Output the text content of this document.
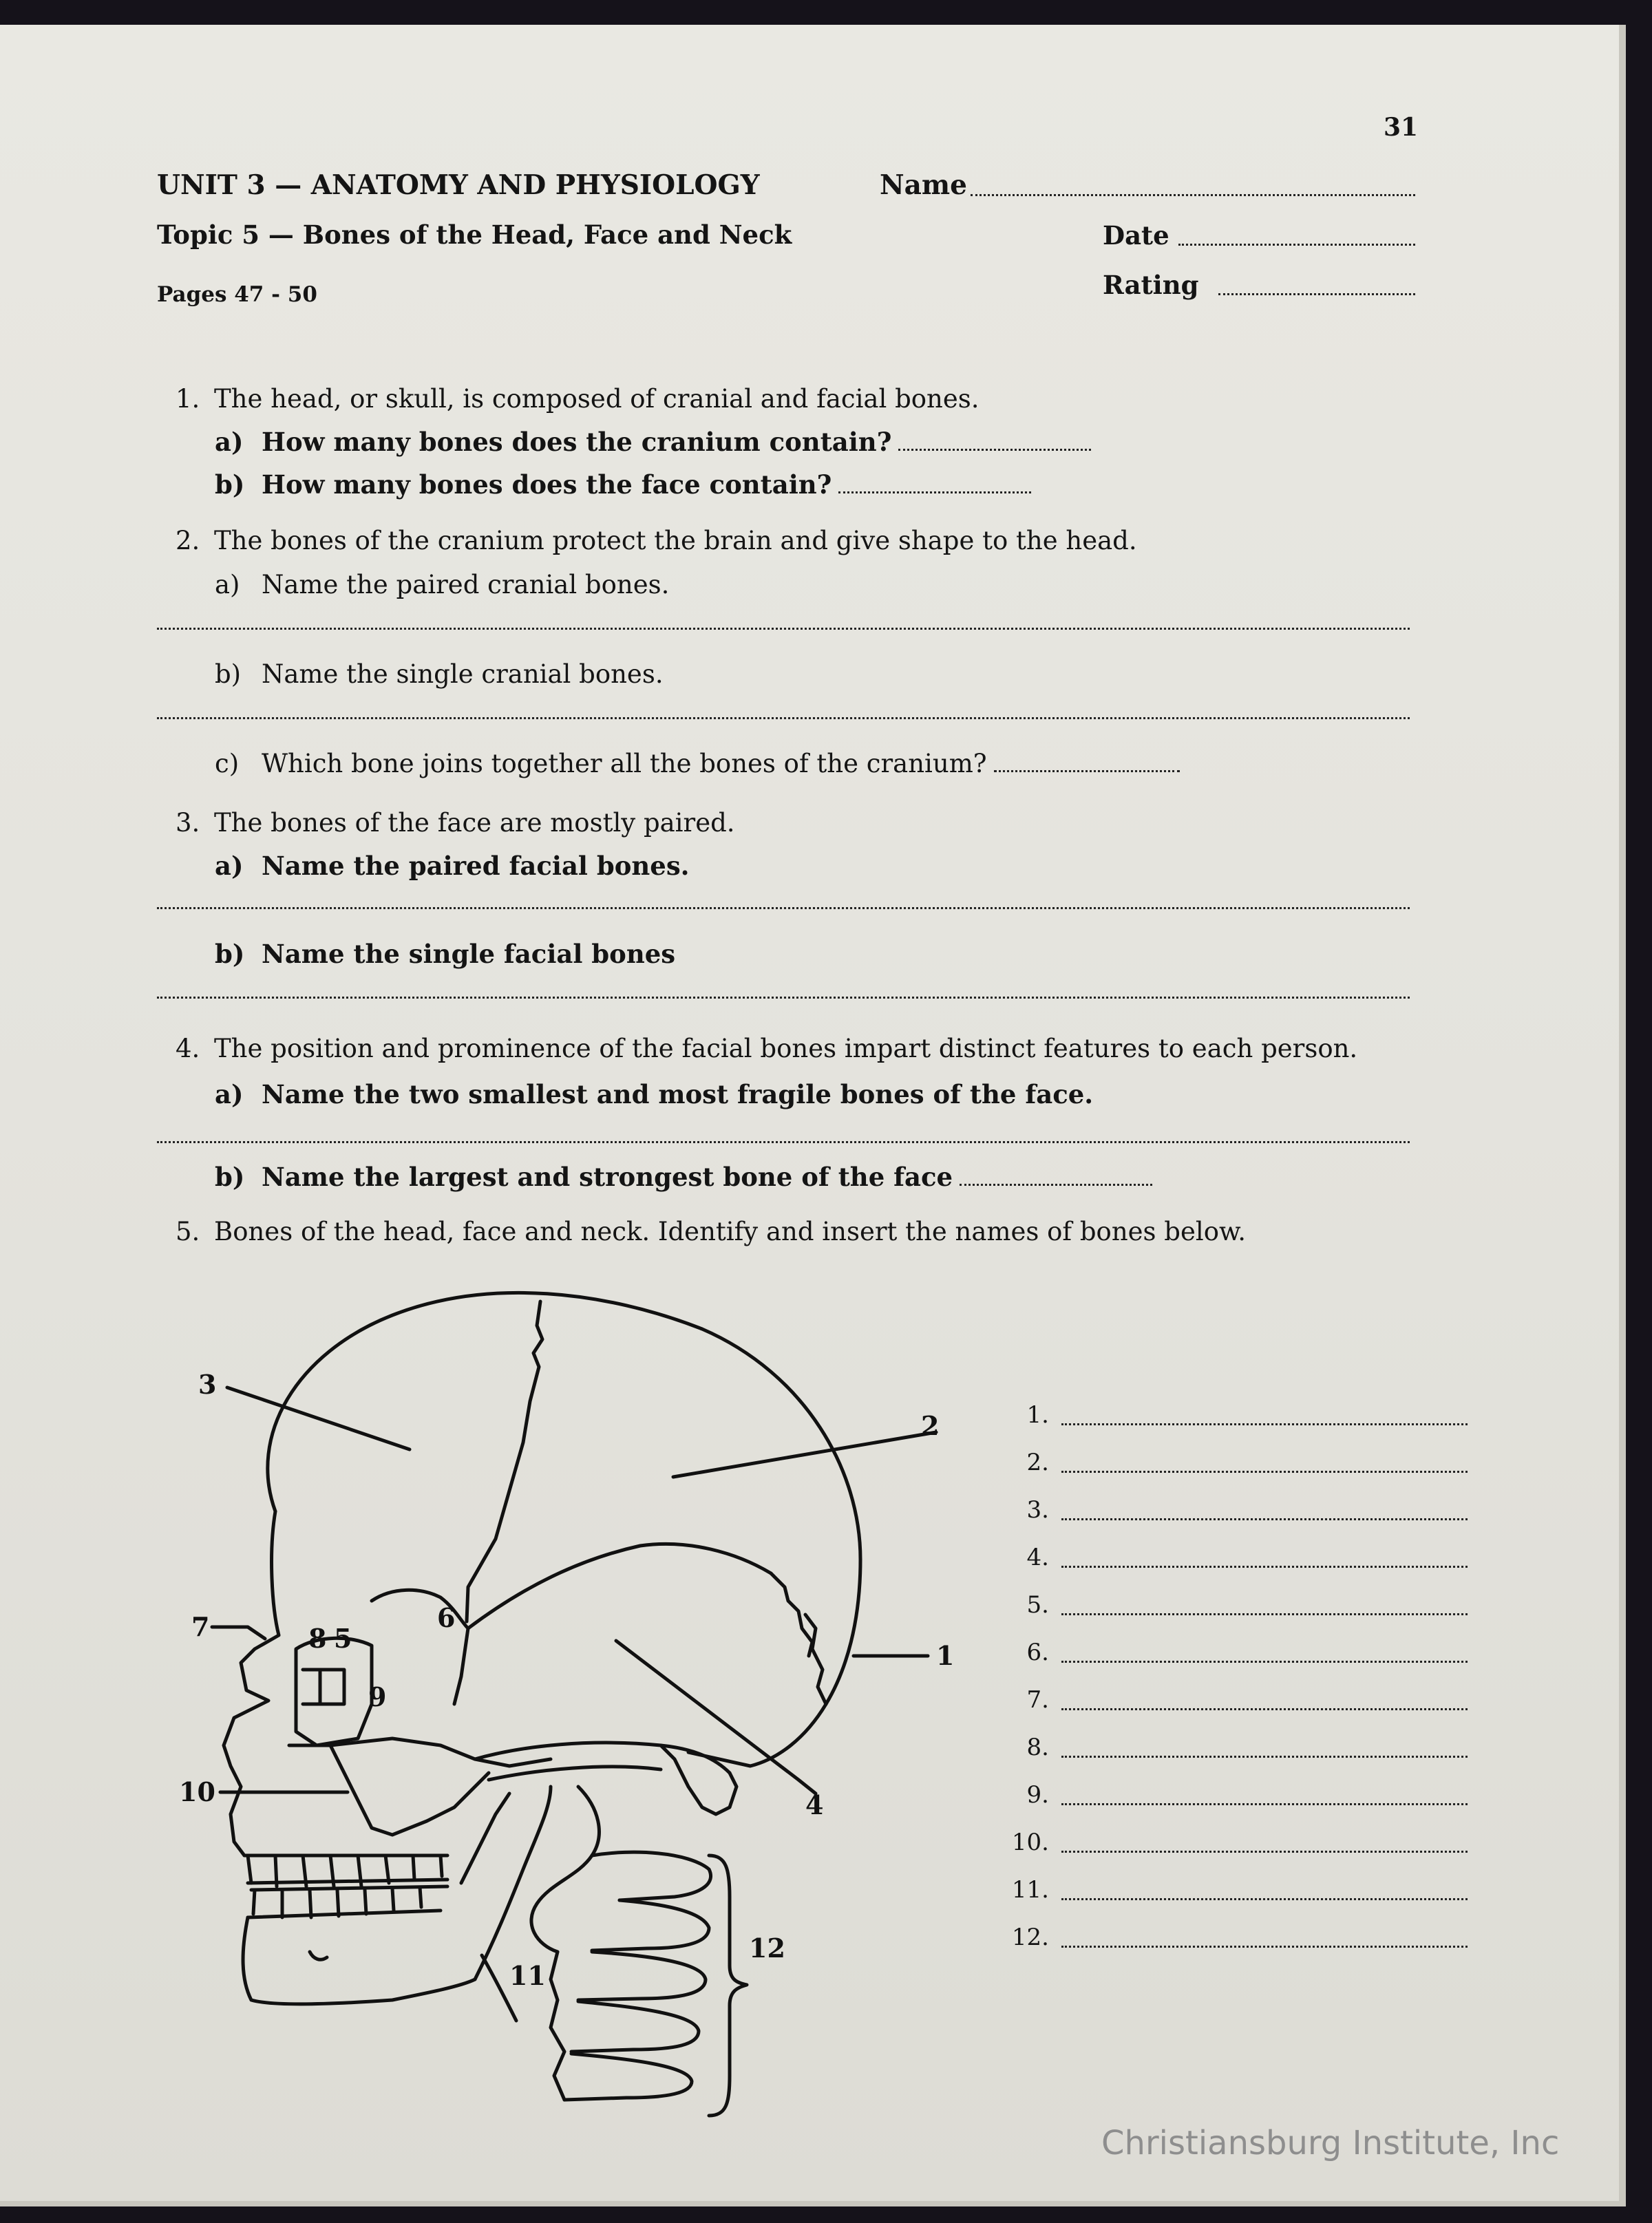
31
UNIT 3 — ANATOMY AND PHYSIOLOGY
Topic 5 — Bones of the Head, Face and Neck
Pages 47 - 50
Name
Date
Rating
1. The head, or skull, is composed of cranial and facial bones.
a) How many bones does the cranium contain?
b) How many bones does the face contain?
2. The bones of the cranium protect the brain and give shape to the head.
a) Name the paired cranial bones.
b) Name the single cranial bones.
c) Which bone joins together all the bones of the cranium?
3. The bones of the face are mostly paired.
a) Name the paired facial bones.
b) Name the single facial bones
4. The position and prominence of the facial bones impart distinct features to each person.
a) Name the two smallest and most fragile bones of the face.
b) Name the largest and strongest bone of the face
5. Bones of the head, face and neck. Identify and insert the names of bones below.
1
2
3
4
5
6
7	8
9
10
11
12
1.
2.
3.
4.
5.
6.
7.
8.
9.
10.
11.
12.
Christiansburg Institute, Inc
